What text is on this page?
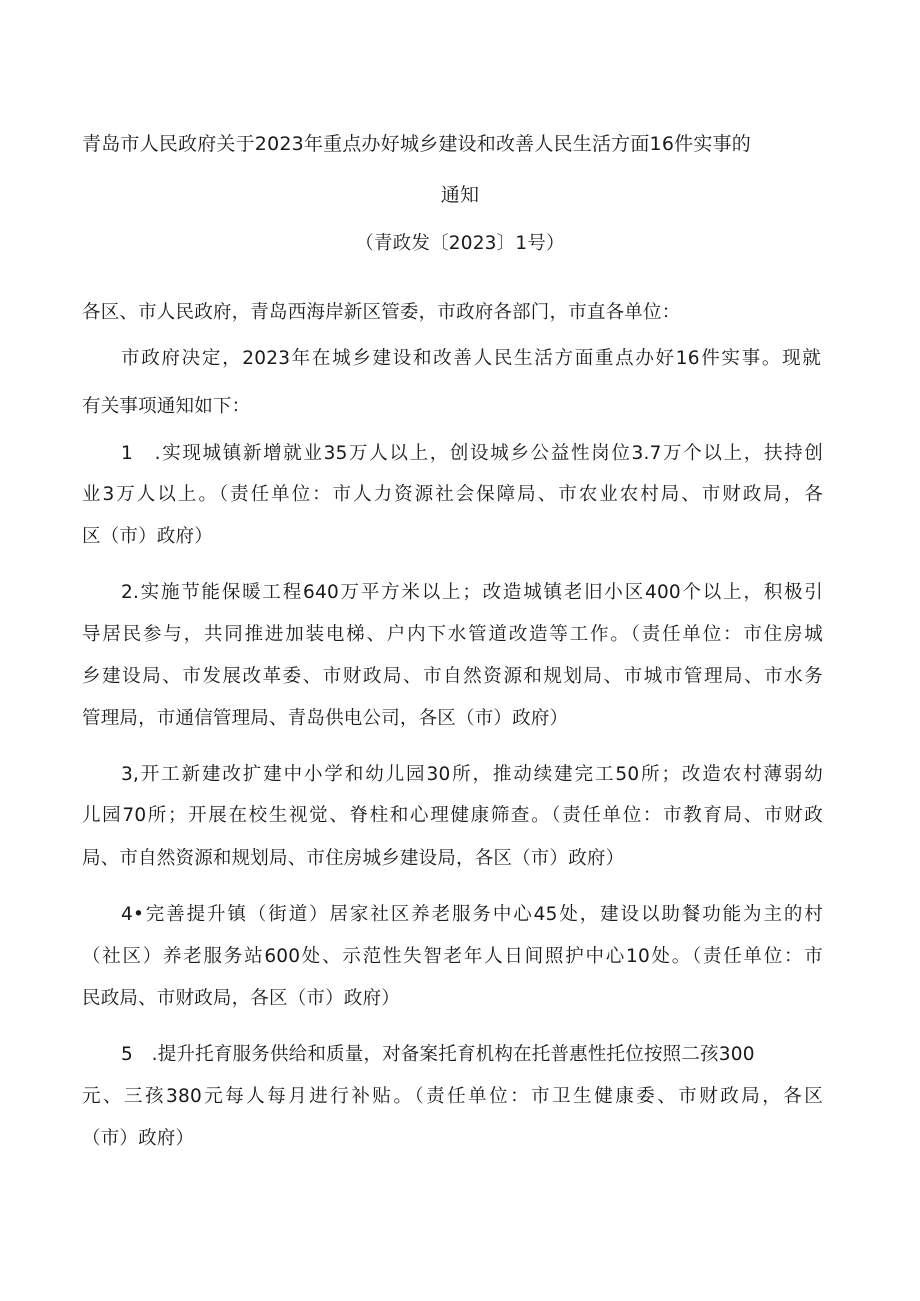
青岛市人民政府关于2023年重点办好城乡建设和改善人民生活方面16件实事的
通知
（青政发〔2023〕1号）
各区、市人民政府，青岛西海岸新区管委，市政府各部门，市直各单位：
市政府决定，2023年在城乡建设和改善人民生活方面重点办好16件实事。现就
有关事项通知如下：
1　.实现城镇新增就业35万人以上，创设城乡公益性岗位3.7万个以上，扶持创
业3万人以上。（责任单位：市人力资源社会保障局、市农业农村局、市财政局，各
区（市）政府）
2.实施节能保暖工程640万平方米以上；改造城镇老旧小区400个以上，积极引
导居民参与，共同推进加装电梯、户内下水管道改造等工作。（责任单位：市住房城
乡建设局、市发展改革委、市财政局、市自然资源和规划局、市城市管理局、市水务
管理局，市通信管理局、青岛供电公司，各区（市）政府）
3,开工新建改扩建中小学和幼儿园30所，推动续建完工50所；改造农村薄弱幼
儿园70所；开展在校生视觉、脊柱和心理健康筛查。（责任单位：市教育局、市财政
局、市自然资源和规划局、市住房城乡建设局，各区（市）政府）
4•完善提升镇（街道）居家社区养老服务中心45处，建设以助餐功能为主的村
（社区）养老服务站600处、示范性失智老年人日间照护中心10处。（责任单位：市
民政局、市财政局，各区（市）政府）
5　.提升托育服务供给和质量，对备案托育机构在托普惠性托位按照二孩300
元、三孩380元每人每月进行补贴。（责任单位：市卫生健康委、市财政局，各区
（市）政府）
